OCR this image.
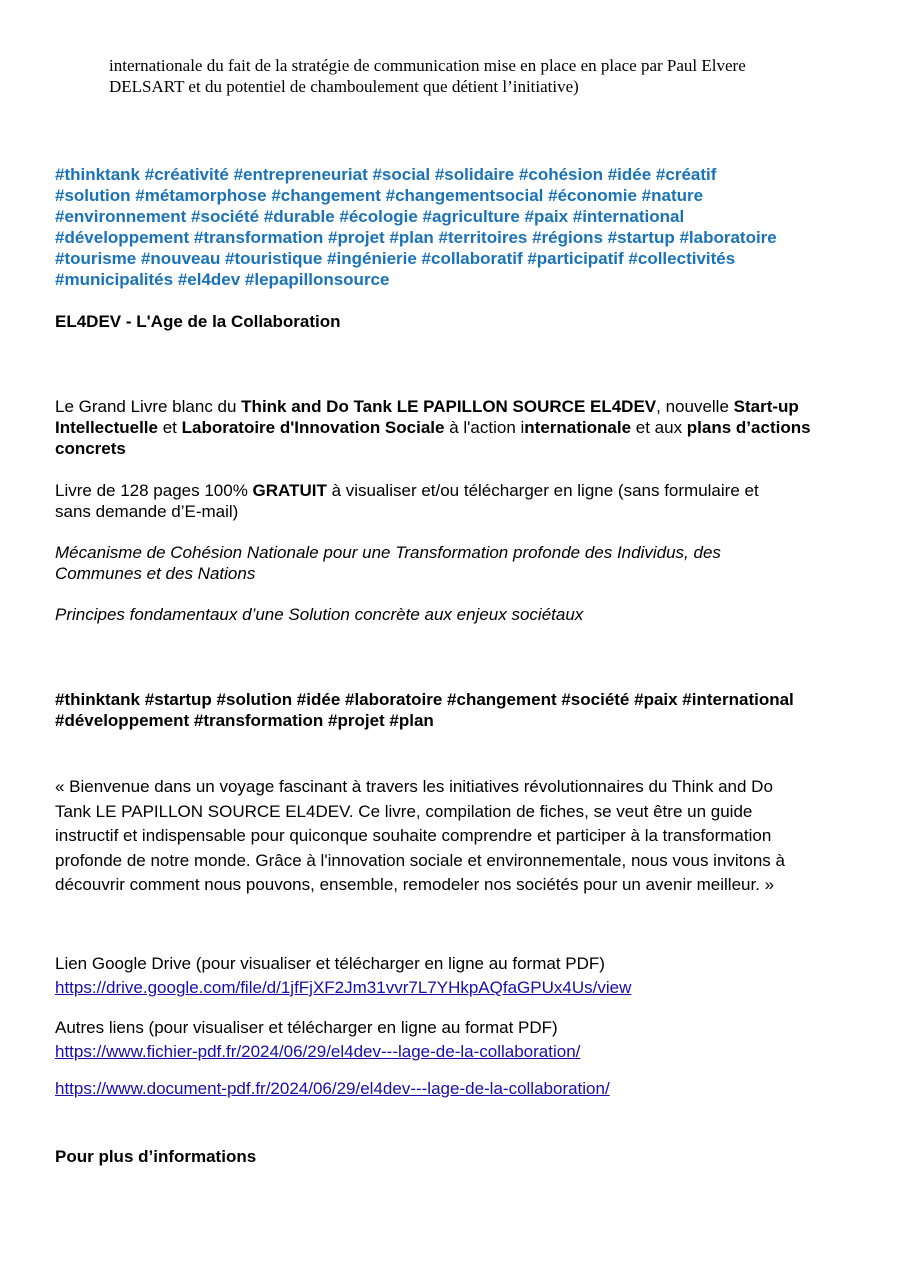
internationale du fait de la stratégie de communication mise en place en place par Paul Elvere
DELSART et du potentiel de chamboulement que détient l’initiative)
#thinktank #créativité #entrepreneuriat #social #solidaire #cohésion #idée #créatif
#solution #métamorphose #changement #changementsocial #économie #nature
#environnement #société #durable #écologie #agriculture #paix #international
#développement #transformation #projet #plan #territoires #régions #startup #laboratoire
#tourisme #nouveau #touristique #ingénierie #collaboratif #participatif #collectivités
#municipalités #el4dev #lepapillonsource
EL4DEV - L'Age de la Collaboration
Le Grand Livre blanc du Think and Do Tank LE PAPILLON SOURCE EL4DEV, nouvelle Start-up Intellectuelle et Laboratoire d'Innovation Sociale à l'action internationale et aux plans d’actions concrets
Livre de 128 pages 100% GRATUIT à visualiser et/ou télécharger en ligne (sans formulaire et
sans demande d’E-mail)
Mécanisme de Cohésion Nationale pour une Transformation profonde des Individus, des
Communes et des Nations
Principes fondamentaux d’une Solution concrète aux enjeux sociétaux
#thinktank #startup #solution #idée #laboratoire #changement #société #paix #international
#développement #transformation #projet #plan
« Bienvenue dans un voyage fascinant à travers les initiatives révolutionnaires du Think and Do
Tank LE PAPILLON SOURCE EL4DEV. Ce livre, compilation de fiches, se veut être un guide
instructif et indispensable pour quiconque souhaite comprendre et participer à la transformation
profonde de notre monde. Grâce à l'innovation sociale et environnementale, nous vous invitons à
découvrir comment nous pouvons, ensemble, remodeler nos sociétés pour un avenir meilleur. »
Lien Google Drive (pour visualiser et télécharger en ligne au format PDF)
https://drive.google.com/file/d/1jfFjXF2Jm31vvr7L7YHkpAQfaGPUx4Us/view
Autres liens (pour visualiser et télécharger en ligne au format PDF)
https://www.fichier-pdf.fr/2024/06/29/el4dev---lage-de-la-collaboration/
https://www.document-pdf.fr/2024/06/29/el4dev---lage-de-la-collaboration/
Pour plus d’informations
